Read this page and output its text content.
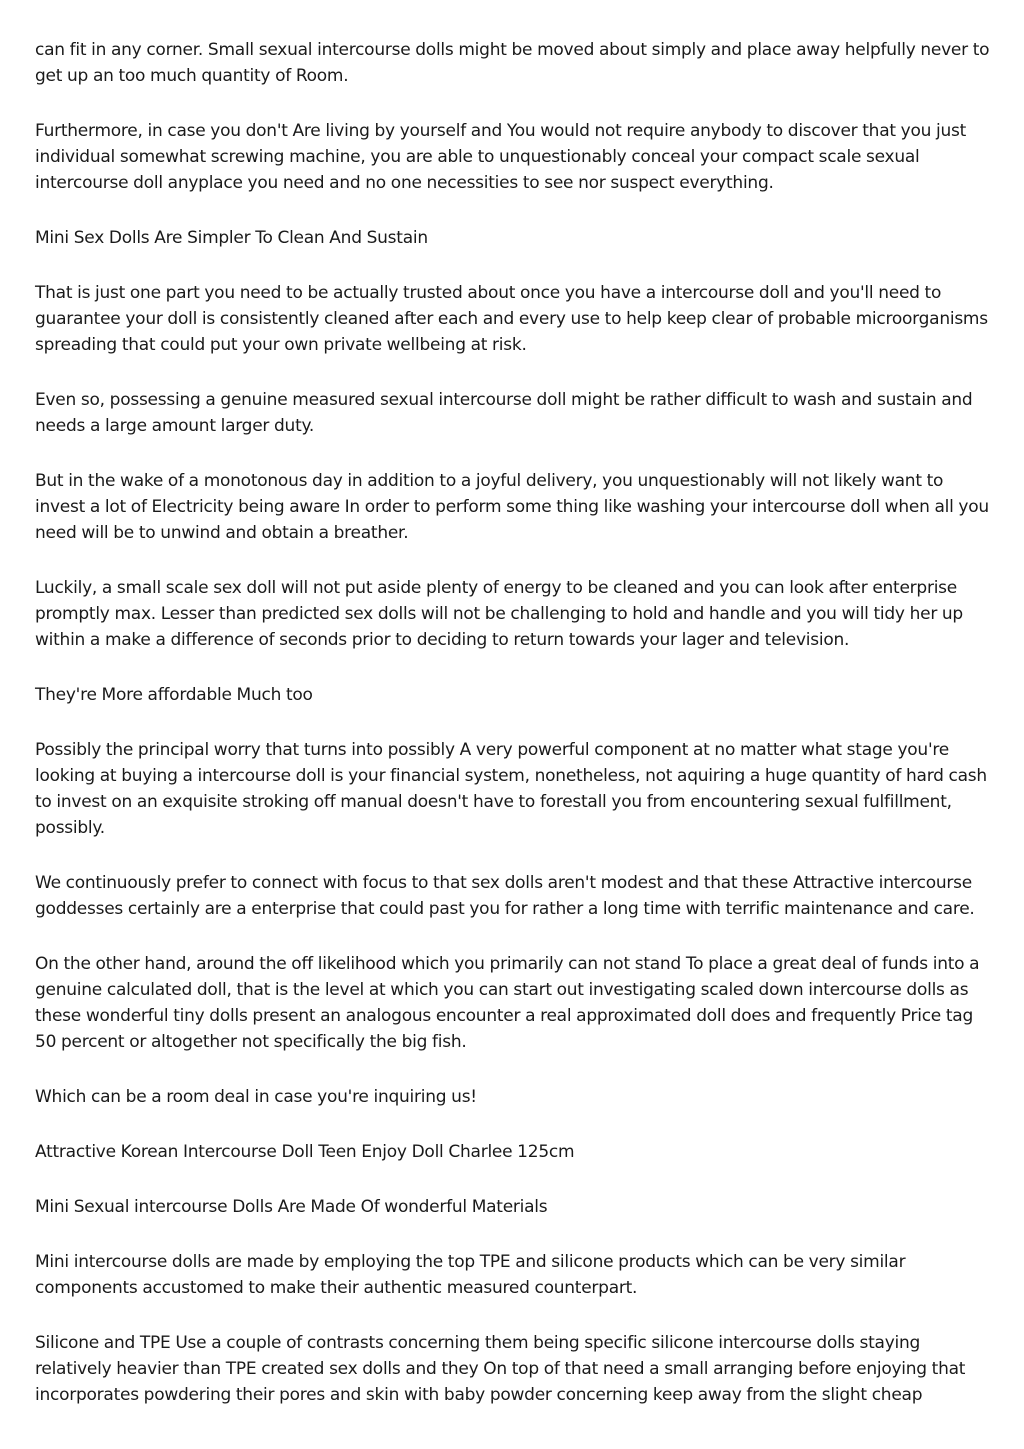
can fit in any corner. Small sexual intercourse dolls might be moved about simply and place away helpfully never to get up an too much quantity of Room.

Furthermore, in case you don't Are living by yourself and You would not require anybody to discover that you just individual somewhat screwing machine, you are able to unquestionably conceal your compact scale sexual intercourse doll anyplace you need and no one necessities to see nor suspect everything.

Mini Sex Dolls Are Simpler To Clean And Sustain

That is just one part you need to be actually trusted about once you have a intercourse doll and you'll need to guarantee your doll is consistently cleaned after each and every use to help keep clear of probable microorganisms spreading that could put your own private wellbeing at risk.

Even so, possessing a genuine measured sexual intercourse doll might be rather difficult to wash and sustain and needs a large amount larger duty.

But in the wake of a monotonous day in addition to a joyful delivery, you unquestionably will not likely want to invest a lot of Electricity being aware In order to perform some thing like washing your intercourse doll when all you need will be to unwind and obtain a breather.

Luckily, a small scale sex doll will not put aside plenty of energy to be cleaned and you can look after enterprise promptly max. Lesser than predicted sex dolls will not be challenging to hold and handle and you will tidy her up within a make a difference of seconds prior to deciding to return towards your lager and television.

They're More affordable Much too

Possibly the principal worry that turns into possibly A very powerful component at no matter what stage you're looking at buying a intercourse doll is your financial system, nonetheless, not aquiring a huge quantity of hard cash to invest on an exquisite stroking off manual doesn't have to forestall you from encountering sexual fulfillment, possibly.

We continuously prefer to connect with focus to that sex dolls aren't modest and that these Attractive intercourse goddesses certainly are a enterprise that could past you for rather a long time with terrific maintenance and care.

On the other hand, around the off likelihood which you primarily can not stand To place a great deal of funds into a genuine calculated doll, that is the level at which you can start out investigating scaled down intercourse dolls as these wonderful tiny dolls present an analogous encounter a real approximated doll does and frequently Price tag 50 percent or altogether not specifically the big fish.

Which can be a room deal in case you're inquiring us!

Attractive Korean Intercourse Doll Teen Enjoy Doll Charlee 125cm

Mini Sexual intercourse Dolls Are Made Of wonderful Materials

Mini intercourse dolls are made by employing the top TPE and silicone products which can be very similar components accustomed to make their authentic measured counterpart.

Silicone and TPE Use a couple of contrasts concerning them being specific silicone intercourse dolls staying relatively heavier than TPE created sex dolls and they On top of that need a small arranging before enjoying that incorporates powdering their pores and skin with baby powder concerning keep away from the slight cheap
